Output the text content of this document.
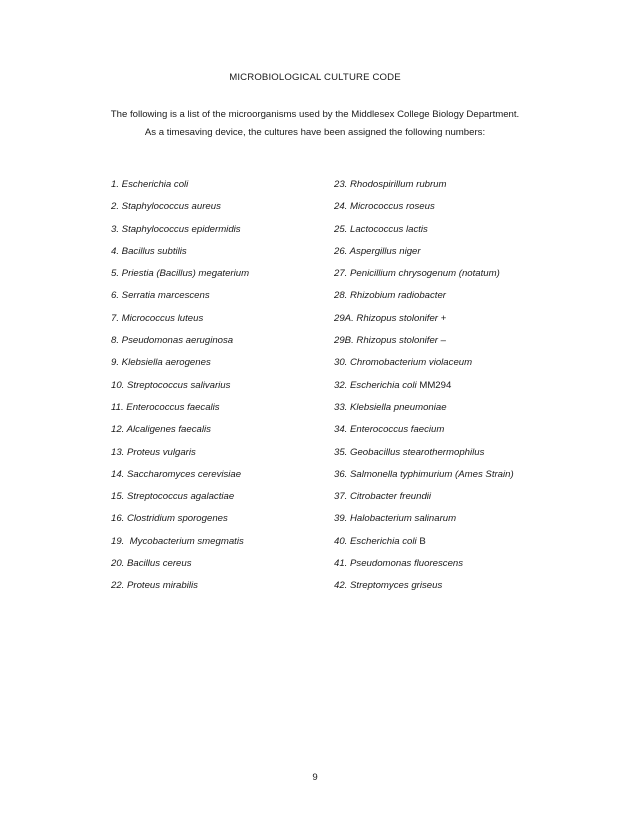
MICROBIOLOGICAL CULTURE CODE
The following is a list of the microorganisms used by the Middlesex College Biology Department.
As a timesaving device, the cultures have been assigned the following numbers:
1. Escherichia coli
2. Staphylococcus aureus
3. Staphylococcus epidermidis
4. Bacillus subtilis
5. Priestia (Bacillus) megaterium
6. Serratia marcescens
7. Micrococcus luteus
8. Pseudomonas aeruginosa
9. Klebsiella aerogenes
10. Streptococcus salivarius
11. Enterococcus faecalis
12. Alcaligenes faecalis
13. Proteus vulgaris
14. Saccharomyces cerevisiae
15. Streptococcus agalactiae
16. Clostridium sporogenes
19.  Mycobacterium smegmatis
20. Bacillus cereus
22. Proteus mirabilis
23. Rhodospirillum rubrum
24. Micrococcus roseus
25. Lactococcus lactis
26. Aspergillus niger
27. Penicillium chrysogenum (notatum)
28. Rhizobium radiobacter
29A. Rhizopus stolonifer +
29B. Rhizopus stolonifer –
30. Chromobacterium violaceum
32. Escherichia coli MM294
33. Klebsiella pneumoniae
34. Enterococcus faecium
35. Geobacillus stearothermophilus
36. Salmonella typhimurium (Ames Strain)
37. Citrobacter freundii
39. Halobacterium salinarum
40. Escherichia coli B
41. Pseudomonas fluorescens
42. Streptomyces griseus
9
